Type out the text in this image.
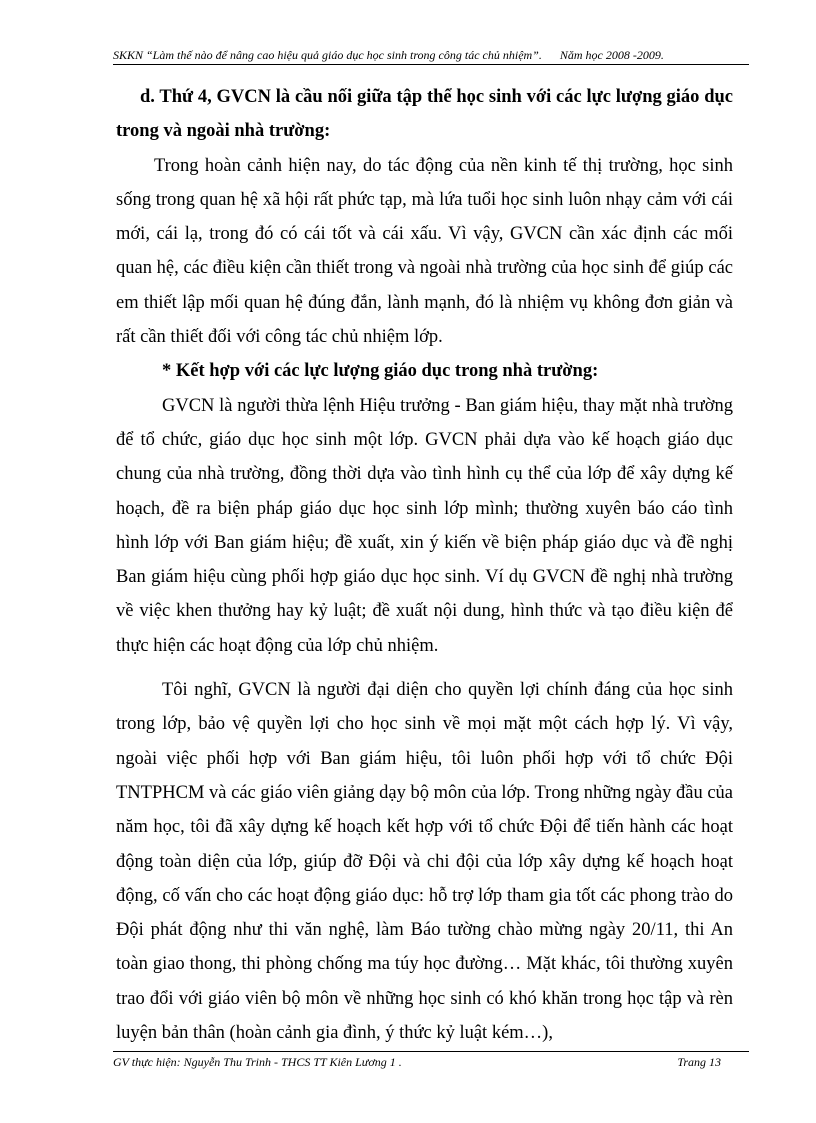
SKKN “Làm thế nào để nâng cao hiệu quả giáo dục học sinh trong công tác chủ nhiệm”. Năm học 2008 -2009.

d. Thứ 4, GVCN là cầu nối giữa tập thể học sinh với các lực lượng giáo dục trong và ngoài nhà trường:

Trong hoàn cảnh hiện nay, do tác động của nền kinh tế thị trường, học sinh sống trong quan hệ xã hội rất phức tạp, mà lứa tuổi học sinh luôn nhạy cảm với cái mới, cái lạ, trong đó có cái tốt và cái xấu. Vì vậy, GVCN cần xác định các mối quan hệ, các điều kiện cần thiết trong và ngoài nhà trường của học sinh để giúp các em thiết lập mối quan hệ đúng đắn, lành mạnh, đó là nhiệm vụ không đơn giản và rất cần thiết đối với công tác chủ nhiệm lớp.

* Kết hợp với các lực lượng giáo dục trong nhà trường:

GVCN là người thừa lệnh Hiệu trưởng - Ban giám hiệu, thay mặt nhà trường để tổ chức, giáo dục học sinh một lớp. GVCN phải dựa vào kế hoạch giáo dục chung của nhà trường, đồng thời dựa vào tình hình cụ thể của lớp để xây dựng kế hoạch, đề ra biện pháp giáo dục học sinh lớp mình; thường xuyên báo cáo tình hình lớp với Ban giám hiệu; đề xuất, xin ý kiến về biện pháp giáo dục và đề nghị Ban giám hiệu cùng phối hợp giáo dục học sinh. Ví dụ GVCN đề nghị nhà trường về việc khen thưởng hay kỷ luật; đề xuất nội dung, hình thức và tạo điều kiện để thực hiện các hoạt động của lớp chủ nhiệm.

Tôi nghĩ, GVCN là người đại diện cho quyền lợi chính đáng của học sinh trong lớp, bảo vệ quyền lợi cho học sinh về mọi mặt một cách hợp lý. Vì vậy, ngoài việc phối hợp với Ban giám hiệu, tôi luôn phối hợp với tổ chức Đội TNTPHCM và các giáo viên giảng dạy bộ môn của lớp. Trong những ngày đầu của năm học, tôi đã xây dựng kế hoạch kết hợp với tổ chức Đội để tiến hành các hoạt động toàn diện của lớp, giúp đỡ Đội và chi đội của lớp xây dựng kế hoạch hoạt động, cố vấn cho các hoạt động giáo dục: hỗ trợ lớp tham gia tốt các phong trào do Đội phát động như thi văn nghệ, làm Báo tường chào mừng ngày 20/11, thi An toàn giao thong, thi phòng chống ma túy học đường… Mặt khác, tôi thường xuyên trao đổi với giáo viên bộ môn về những học sinh có khó khăn trong học tập và rèn luyện bản thân (hoàn cảnh gia đình, ý thức kỷ luật kém…),

GV thực hiện: Nguyễn Thu Trinh - THCS TT Kiên Lương 1 .	Trang 13
